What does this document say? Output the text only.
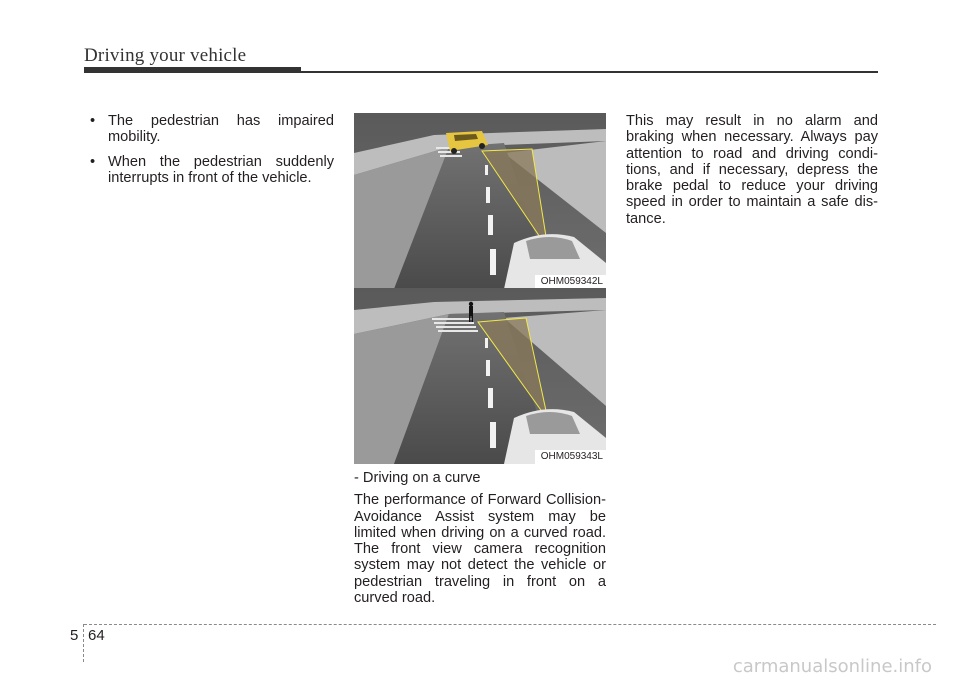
Driving your vehicle
• The pedestrian has impaired mobility.
• When the pedestrian suddenly interrupts in front of the vehicle.
OHM059342L
OHM059343L

- Driving on a curve

The performance of Forward Collision-Avoidance Assist system may be limited when driving on a curved road. The front view camera recognition system may not detect the vehicle or pedestrian traveling in front on a curved road.

This may result in no alarm and braking when necessary. Always pay attention to road and driving condi-tions, and if necessary, depress the brake pedal to reduce your driving speed in order to maintain a safe dis-tance.

5 64
carmanualsonline.info
